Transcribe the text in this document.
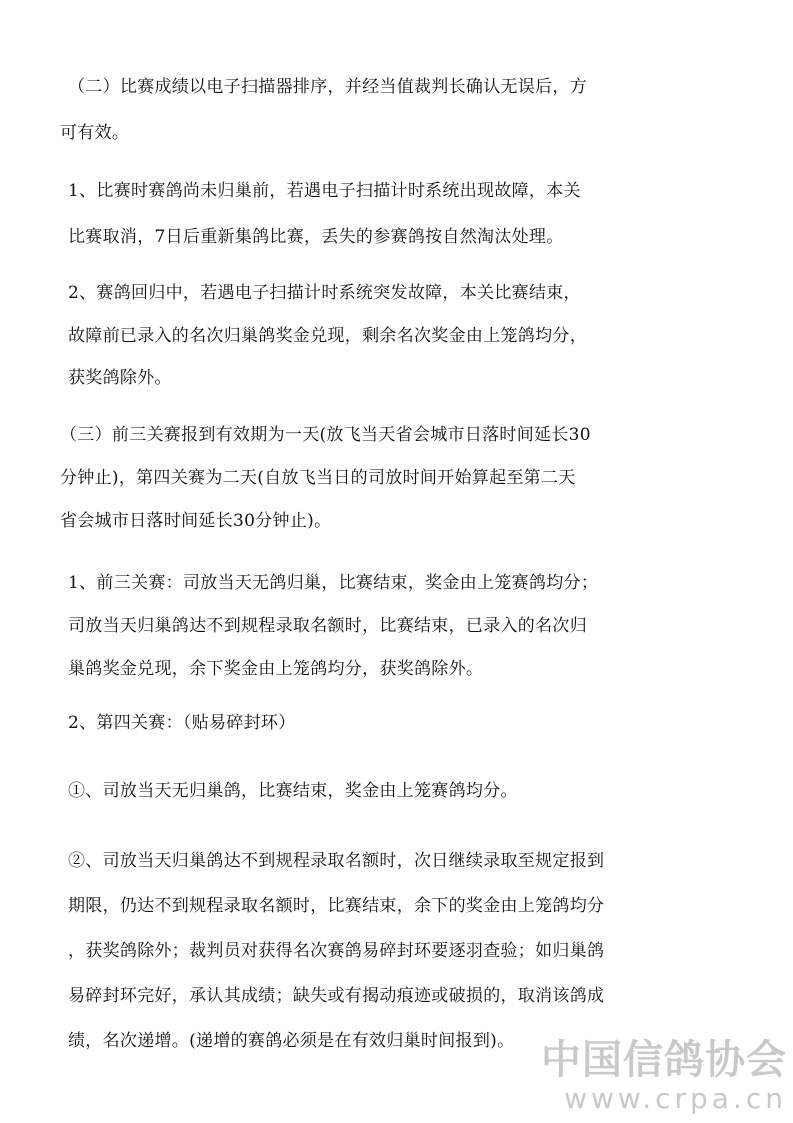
（二）比赛成绩以电子扫描器排序，并经当值裁判长确认无误后，方
可有效。
1、比赛时赛鸽尚未归巢前，若遇电子扫描计时系统出现故障，本关
比赛取消，7日后重新集鸽比赛，丢失的参赛鸽按自然淘汰处理。
2、赛鸽回归中，若遇电子扫描计时系统突发故障，本关比赛结束，
故障前已录入的名次归巢鸽奖金兑现，剩余名次奖金由上笼鸽均分，
获奖鸽除外。
（三）前三关赛报到有效期为一天(放飞当天省会城市日落时间延长30
分钟止)，第四关赛为二天(自放飞当日的司放时间开始算起至第二天
省会城市日落时间延长30分钟止)。
1、前三关赛：司放当天无鸽归巢，比赛结束，奖金由上笼赛鸽均分；
司放当天归巢鸽达不到规程录取名额时，比赛结束，已录入的名次归
巢鸽奖金兑现，余下奖金由上笼鸽均分，获奖鸽除外。
2、第四关赛：（贴易碎封环）
①、司放当天无归巢鸽，比赛结束，奖金由上笼赛鸽均分。
②、司放当天归巢鸽达不到规程录取名额时，次日继续录取至规定报到
期限，仍达不到规程录取名额时，比赛结束，余下的奖金由上笼鸽均分
，获奖鸽除外；裁判员对获得名次赛鸽易碎封环要逐羽查验；如归巢鸽
易碎封环完好，承认其成绩；缺失或有揭动痕迹或破损的，取消该鸽成
绩，名次递增。(递增的赛鸽必须是在有效归巢时间报到)。 中国信鸽协会
www.crpa.cn
